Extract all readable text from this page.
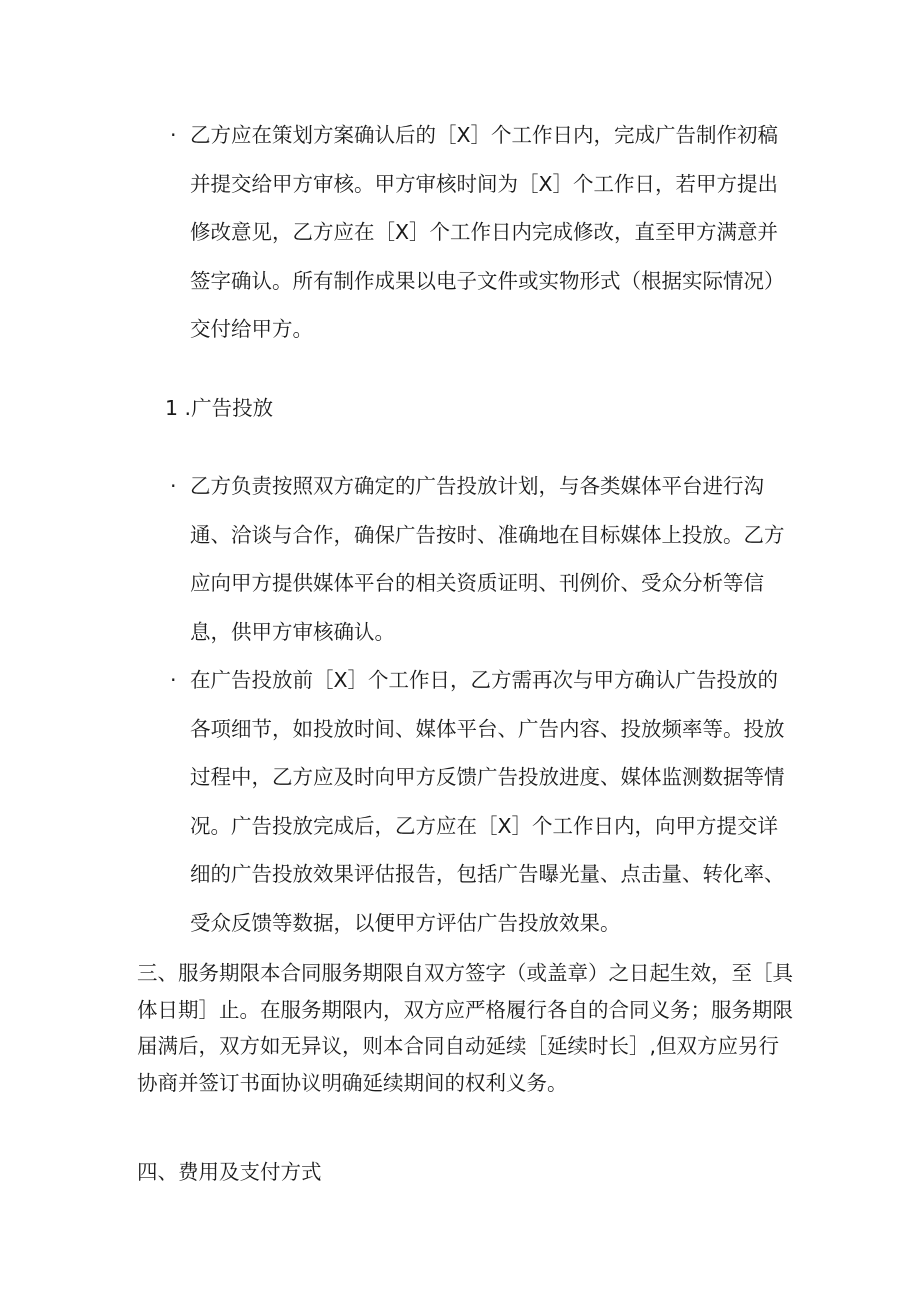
· 乙方应在策划方案确认后的［X］个工作日内，完成广告制作初稿并提交给甲方审核。甲方审核时间为［X］个工作日，若甲方提出修改意见，乙方应在［X］个工作日内完成修改，直至甲方满意并签字确认。所有制作成果以电子文件或实物形式（根据实际情况）交付给甲方。
1 .广告投放
· 乙方负责按照双方确定的广告投放计划，与各类媒体平台进行沟通、洽谈与合作，确保广告按时、准确地在目标媒体上投放。乙方应向甲方提供媒体平台的相关资质证明、刊例价、受众分析等信息，供甲方审核确认。
· 在广告投放前［X］个工作日，乙方需再次与甲方确认广告投放的各项细节，如投放时间、媒体平台、广告内容、投放频率等。投放过程中，乙方应及时向甲方反馈广告投放进度、媒体监测数据等情况。广告投放完成后，乙方应在［X］个工作日内，向甲方提交详细的广告投放效果评估报告，包括广告曝光量、点击量、转化率、受众反馈等数据，以便甲方评估广告投放效果。
三、服务期限本合同服务期限自双方签字（或盖章）之日起生效，至［具体日期］止。在服务期限内，双方应严格履行各自的合同义务；服务期限届满后，双方如无异议，则本合同自动延续［延续时长］,但双方应另行协商并签订书面协议明确延续期间的权利义务。
四、费用及支付方式
